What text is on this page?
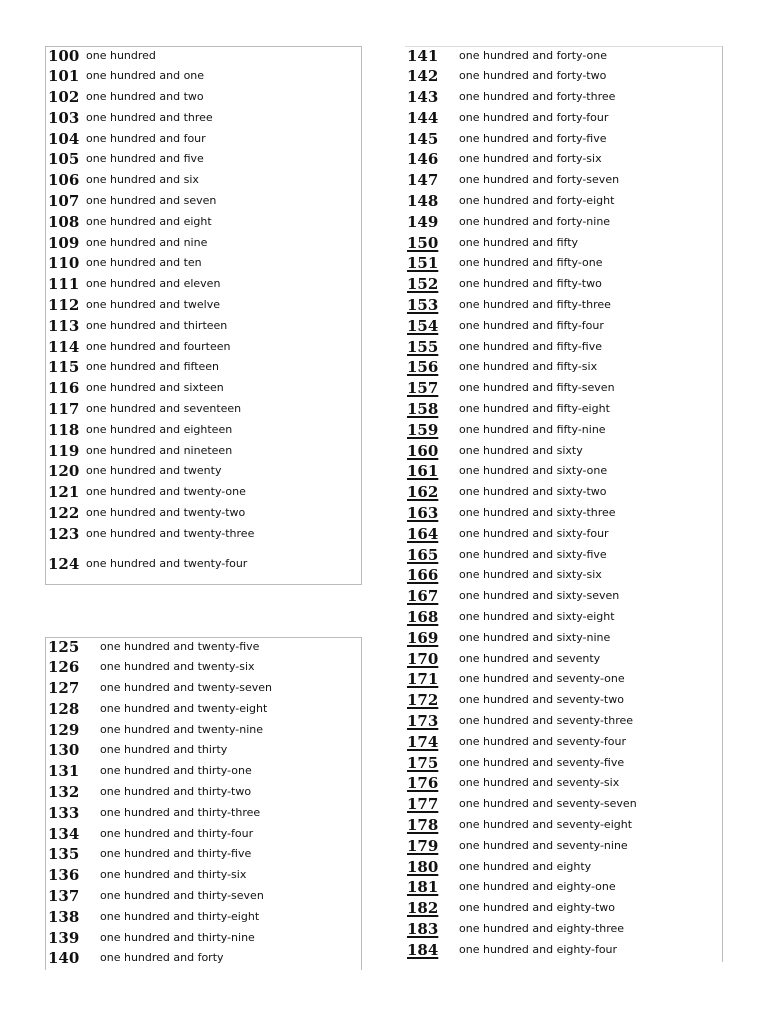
100	one hundred
101	one hundred and one
102	one hundred and two
103	one hundred and three
104	one hundred and four
105	one hundred and five
106	one hundred and six
107	one hundred and seven
108	one hundred and eight
109	one hundred and nine
110	one hundred and ten
111	one hundred and eleven
112	one hundred and twelve
113	one hundred and thirteen
114	one hundred and fourteen
115	one hundred and fifteen
116	one hundred and sixteen
117	one hundred and seventeen
118	one hundred and eighteen
119	one hundred and nineteen
120	one hundred and twenty
121	one hundred and twenty-one
122	one hundred and twenty-two
123	one hundred and twenty-three
124	one hundred and twenty-four
125	one hundred and twenty-five
126	one hundred and twenty-six
127	one hundred and twenty-seven
128	one hundred and twenty-eight
129	one hundred and twenty-nine
130	one hundred and thirty
131	one hundred and thirty-one
132	one hundred and thirty-two
133	one hundred and thirty-three
134	one hundred and thirty-four
135	one hundred and thirty-five
136	one hundred and thirty-six
137	one hundred and thirty-seven
138	one hundred and thirty-eight
139	one hundred and thirty-nine
140	one hundred and forty
141	one hundred and forty-one
142	one hundred and forty-two
143	one hundred and forty-three
144	one hundred and forty-four
145	one hundred and forty-five
146	one hundred and forty-six
147	one hundred and forty-seven
148	one hundred and forty-eight
149	one hundred and forty-nine
150	one hundred and fifty
151	one hundred and fifty-one
152	one hundred and fifty-two
153	one hundred and fifty-three
154	one hundred and fifty-four
155	one hundred and fifty-five
156	one hundred and fifty-six
157	one hundred and fifty-seven
158	one hundred and fifty-eight
159	one hundred and fifty-nine
160	one hundred and sixty
161	one hundred and sixty-one
162	one hundred and sixty-two
163	one hundred and sixty-three
164	one hundred and sixty-four
165	one hundred and sixty-five
166	one hundred and sixty-six
167	one hundred and sixty-seven
168	one hundred and sixty-eight
169	one hundred and sixty-nine
170	one hundred and seventy
171	one hundred and seventy-one
172	one hundred and seventy-two
173	one hundred and seventy-three
174	one hundred and seventy-four
175	one hundred and seventy-five
176	one hundred and seventy-six
177	one hundred and seventy-seven
178	one hundred and seventy-eight
179	one hundred and seventy-nine
180	one hundred and eighty
181	one hundred and eighty-one
182	one hundred and eighty-two
183	one hundred and eighty-three
184	one hundred and eighty-four
